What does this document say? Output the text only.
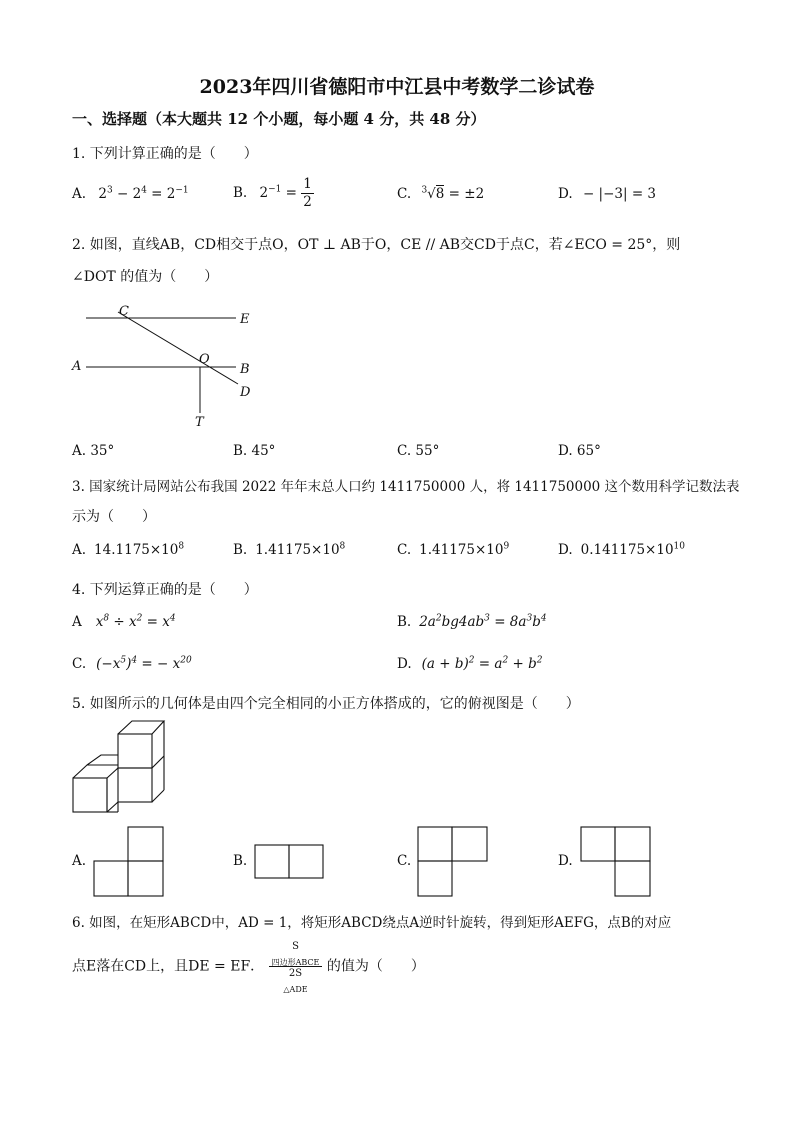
2023年四川省德阳市中江县中考数学二诊试卷
一、选择题（本大题共 12 个小题，每小题 4 分，共 48 分）
1. 下列计算正确的是（　　）
A. $2^3 - 2^4 = 2^{-1}$	B. $2^{-1} = \frac{1}{2}$	C. $^3$√8 = ±2	D. − |−3| = 3
2. 如图，直线AB，CD相交于点O，OT ⊥ AB于O，CE // AB交CD于点C，若∠ECO = 25°，则
∠DOT 的值为（　　）
C
E
A	O
B
D
T
A. 35°	B. 45°	C. 55°	D. 65°
3. 国家统计局网站公布我国 2022 年年末总人口约 1411750000 人，将 1411750000 这个数用科学记数法表
示为（　　）
A. $14.1175\times 10^8$	B. $1.41175\times 10^8$	C. $1.41175\times 10^9$	D. $0.141175\times 10^{10}$
4. 下列运算正确的是（　　）
A $x^8 \div x^2 = x^4$	B. $2a^2bg4ab^3 = 8a^3b^4$
C. $(-x^5)^4$ = − $x^{20}$	D. $(a + b)^2 = a^2 + b^2$
5. 如图所示的几何体是由四个完全相同的小正方体搭成的，它的俯视图是（　　）
A.	B.	C.	D.
6. 如图，在矩形ABCD中，AD = 1，将矩形ABCD绕点A逆时针旋转，得到矩形AEFG，点B的对应
点E落在CD上，且DE = EF．
S
$_{四边形ABCE}$
2S
$_{\triangle ADE}$
的值为（　　）
